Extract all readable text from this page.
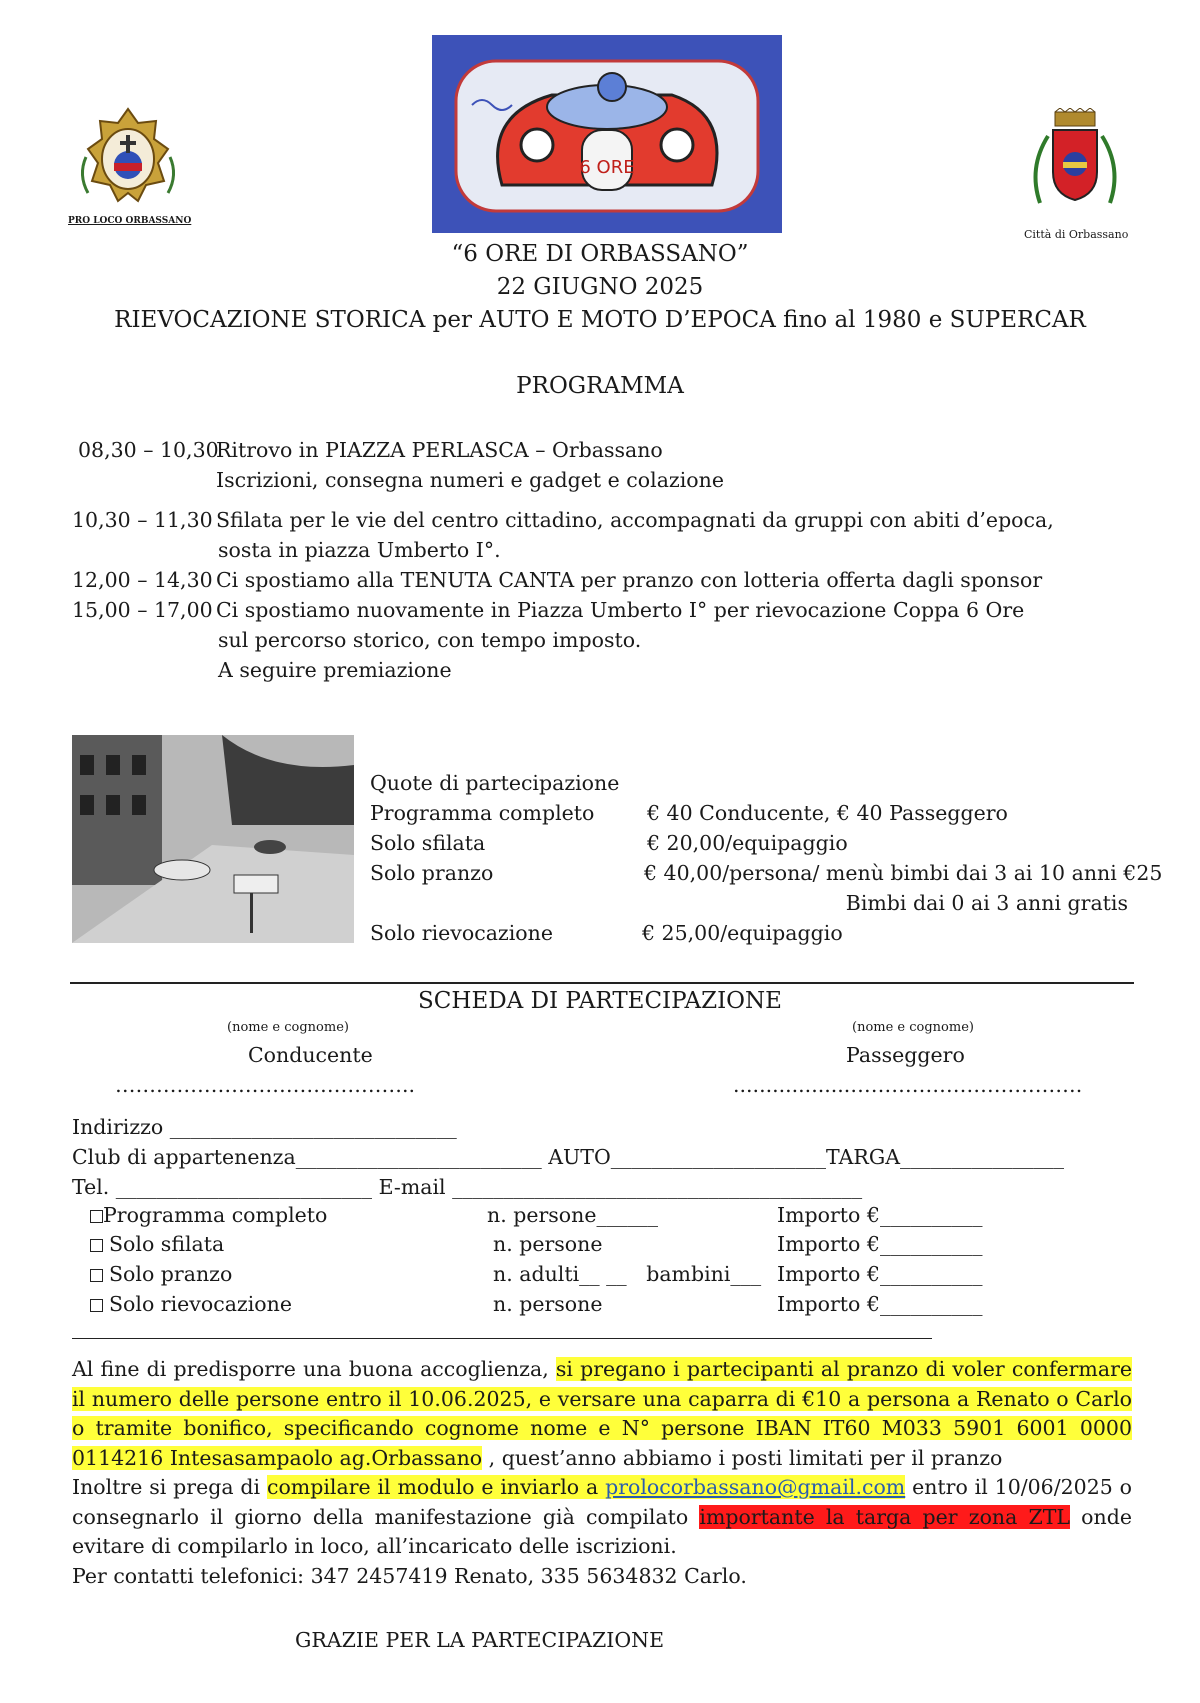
PRO LOCO ORBASSANO
6 ORE
Città di Orbassano
“6 ORE DI ORBASSANO”
22 GIUGNO 2025
RIEVOCAZIONE STORICA per AUTO E MOTO D’EPOCA fino al 1980 e SUPERCAR
PROGRAMMA
08,30 – 10,30Ritrovo in PIAZZA PERLASCA – Orbassano
Iscrizioni, consegna numeri e gadget e colazione
10,30 – 11,30 Sfilata per le vie del centro cittadino, accompagnati da gruppi con abiti d’epoca,
sosta in piazza Umberto I°.
12,00 – 14,30 Ci spostiamo alla TENUTA CANTA per pranzo con lotteria offerta dagli sponsor
15,00 – 17,00 Ci spostiamo nuovamente in Piazza Umberto I° per rievocazione Coppa 6 Ore
sul percorso storico, con tempo imposto.
A seguire premiazione
Quote di partecipazione
Programma completo	€ 40 Conducente, € 40 Passeggero
Solo sfilata	€ 20,00/equipaggio
Solo pranzo	€ 40,00/persona/ menù bimbi dai 3 ai 10 anni €25
Bimbi dai 0 ai 3 anni gratis
Solo rievocazione	€ 25,00/equipaggio
SCHEDA DI PARTECIPAZIONE
(nome e cognome)
Conducente
……………………………………..
(nome e cognome)
Passeggero
..................…………………………….
Indirizzo ____________________________
Club di appartenenza________________________ AUTO_____________________TARGA________________
Tel. _________________________ E-mail ________________________________________
Programma completo	n. persone______	Importo €__________
Solo sfilata	n. persone	Importo €__________
Solo pranzo	n. adulti__ __   bambini___ Importo €__________
Solo rievocazione	n. persone	Importo €__________

Al fine di predisporre una buona accoglienza, si pregano i partecipanti al pranzo di voler confermare il numero delle persone entro il 10.06.2025, e versare una caparra di €10 a persona a Renato o Carlo o tramite bonifico, specificando cognome nome e N° persone IBAN IT60 M033 5901 6001 0000 0114216 Intesasampaolo ag.Orbassano , quest’anno abbiamo i posti limitati per il pranzo

Inoltre si prega di compilare il modulo e inviarlo a prolocorbassano@gmail.com entro il 10/06/2025 o consegnarlo il giorno della manifestazione già compilato importante la targa per zona ZTL onde evitare di compilarlo in loco, all’incaricato delle iscrizioni.

Per contatti telefonici: 347 2457419 Renato, 335 5634832 Carlo.

GRAZIE PER LA PARTECIPAZIONE
